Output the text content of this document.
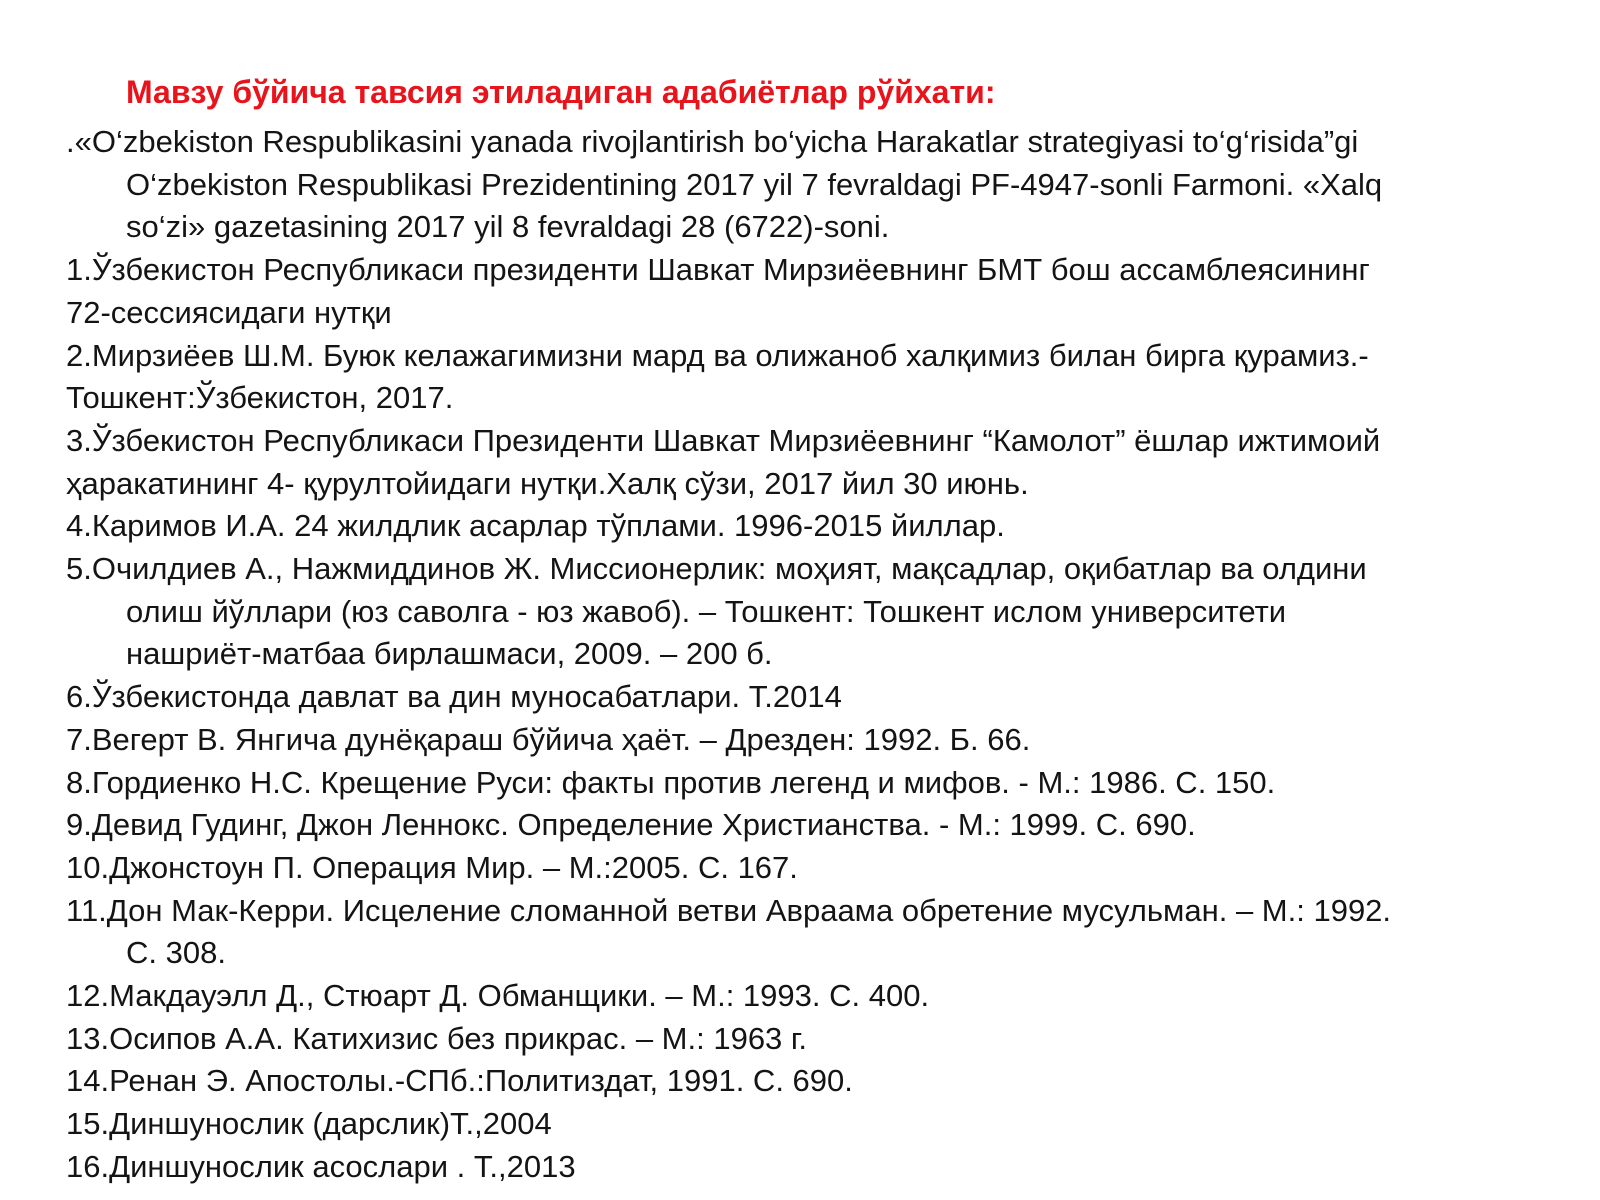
Мавзу бўйича тавсия этиладиган адабиётлар рўйхати:
.«O‘zbekiston Respublikasini yanada rivojlantirish bo‘yicha Harakatlar strategiyasi to‘g‘risida”gi
O‘zbekiston Respublikasi Prezidentining 2017 yil 7 fevraldagi PF-4947-sonli Farmoni. «Xalq
so‘zi» gazetasining 2017 yil 8 fevraldagi 28 (6722)-soni.
1.Ўзбекистон Республикаси президенти Шавкат Мирзиёевнинг БМТ бош ассамблеясининг
72-сессиясидаги нутқи
2.Мирзиёев Ш.М. Буюк келажагимизни мард ва олижаноб халқимиз билан бирга қурамиз.-
Тошкент:Ўзбекистон, 2017.
3.Ўзбекистон Республикаси Президенти Шавкат Мирзиёевнинг “Камолот” ёшлар ижтимоий
ҳаракатининг 4- қурултойидаги нутқи.Халқ сўзи, 2017 йил 30 июнь.
4.Каримов И.А. 24 жилдлик асарлар тўплами. 1996-2015 йиллар.
5.Очилдиев А., Нажмиддинов Ж. Миссионерлик: моҳият, мақсадлар, оқибатлар ва олдини
олиш йўллари (юз саволга - юз жавоб). – Тошкент: Тошкент ислом университети
нашриёт-матбаа бирлашмаси, 2009. – 200 б.
6.Ўзбекистонда давлат ва дин муносабатлари. Т.2014
7.Вегерт В. Янгича дунёқараш бўйича ҳаёт. – Дрезден: 1992. Б. 66.
8.Гордиенко Н.С. Крещение Руси: факты против легенд и мифов. - М.: 1986. С. 150.
9.Девид Гудинг, Джон Леннокс. Определение Христианства. - М.: 1999. С. 690.
10.Джонстоун П. Операция Мир. – М.:2005. С. 167.
11.Дон Мак-Керри. Исцеление сломанной ветви Авраама обретение мусульман. – М.: 1992.
С. 308.
12.Макдауэлл Д., Стюарт Д. Обманщики. – М.: 1993. С. 400.
13.Осипов А.А. Катихизис без прикрас. – М.: 1963 г.
14.Ренан Э. Апостолы.-СПб.:Политиздат, 1991. С. 690.
15.Диншунослик (дарслик)Т.,2004
16.Диншунослик асослари . Т.,2013
